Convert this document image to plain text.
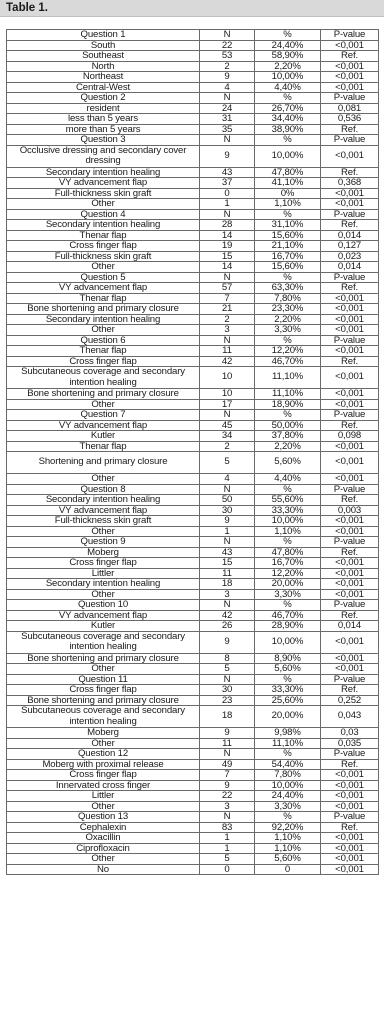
Table 1.
Question 1	N	%	P-value
South	22	24,40%	<0,001
Southeast	53	58,90%	Ref.
North	2	2,20%	<0,001
Northeast	9	10,00%	<0,001
Central-West	4	4,40%	<0,001
Question 2	N	%	P-value
resident	24	26,70%	0,081
less than 5 years	31	34,40%	0,536
more than 5 years	35	38,90%	Ref.
Question 3	N	%	P-value
Occlusive dressing and secondary cover dressing	9	10,00%	<0,001
Secondary intention healing	43	47,80%	Ref.
VY advancement flap	37	41,10%	0,368
Full-thickness skin graft	0	0%	<0,001
Other	1	1,10%	<0,001
Question 4	N	%	P-value
Secondary intention healing	28	31,10%	Ref.
Thenar flap	14	15,60%	0,014
Cross finger flap	19	21,10%	0,127
Full-thickness skin graft	15	16,70%	0,023
Other	14	15,60%	0,014
Question 5	N	%	P-value
VY advancement flap	57	63,30%	Ref.
Thenar flap	7	7,80%	<0,001
Bone shortening and primary closure	21	23,30%	<0,001
Secondary intention healing	2	2,20%	<0,001
Other	3	3,30%	<0,001
Question 6	N	%	P-value
Thenar flap	11	12,20%	<0,001
Cross finger flap	42	46,70%	Ref.
Subcutaneous coverage and secondary intention healing	10	11,10%	<0,001
Bone shortening and primary closure	10	11,10%	<0,001
Other	17	18,90%	<0,001
Question 7	N	%	P-value
VY advancement flap	45	50,00%	Ref.
Kutler	34	37,80%	0,098
Thenar flap	2	2,20%	<0,001
Shortening and primary closure	5	5,60%	<0,001
Other	4	4,40%	<0,001
Question 8	N	%	P-value
Secondary intention healing	50	55,60%	Ref.
VY advancement flap	30	33,30%	0,003
Full-thickness skin graft	9	10,00%	<0,001
Other	1	1,10%	<0,001
Question 9	N	%	P-value
Moberg	43	47,80%	Ref.
Cross finger flap	15	16,70%	<0,001
Littler	11	12,20%	<0,001
Secondary intention healing	18	20,00%	<0,001
Other	3	3,30%	<0,001
Question 10	N	%	P-value
VY advancement flap	42	46,70%	Ref.
Kutler	26	28,90%	0,014
Subcutaneous coverage and secondary intention healing	9	10,00%	<0,001
Bone shortening and primary closure	8	8,90%	<0,001
Other	5	5,60%	<0,001
Question 11	N	%	P-value
Cross finger flap	30	33,30%	Ref.
Bone shortening and primary closure	23	25,60%	0,252
Subcutaneous coverage and secondary intention healing	18	20,00%	0,043
Moberg	9	9,98%	0,03
Other	11	11,10%	0,035
Question 12	N	%	P-value
Moberg with proximal release	49	54,40%	Ref.
Cross finger flap	7	7,80%	<0,001
Innervated cross finger	9	10,00%	<0,001
Littler	22	24,40%	<0,001
Other	3	3,30%	<0,001
Question 13	N	%	P-value
Cephalexin	83	92,20%	Ref.
Oxacillin	1	1,10%	<0,001
Ciprofloxacin	1	1,10%	<0,001
Other	5	5,60%	<0,001
No	0	0	<0,001
